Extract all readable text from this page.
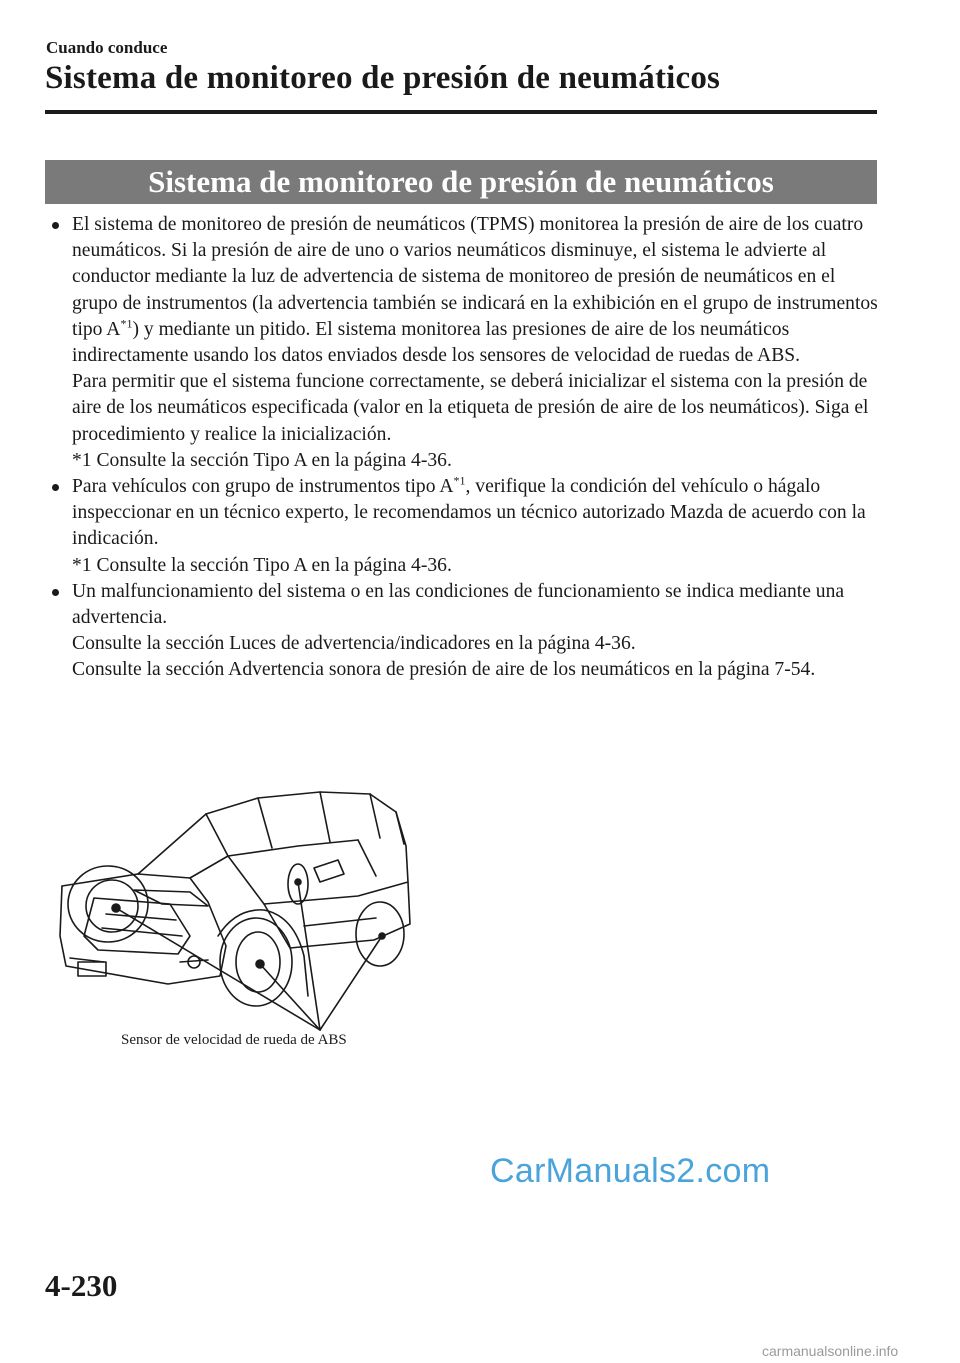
Cuando conduce
Sistema de monitoreo de presión de neumáticos
Sistema de monitoreo de presión de neumáticos

El sistema de monitoreo de presión de neumáticos (TPMS) monitorea la presión de aire de los cuatro neumáticos. Si la presión de aire de uno o varios neumáticos disminuye, el sistema le advierte al conductor mediante la luz de advertencia de sistema de monitoreo de presión de neumáticos en el grupo de instrumentos (la advertencia también se indicará en la exhibición en el grupo de instrumentos tipo $A^{*1}$) y mediante un pitido. El sistema monitorea las presiones de aire de los neumáticos indirectamente usando los datos enviados desde los sensores de velocidad de ruedas de ABS.

Para permitir que el sistema funcione correctamente, se deberá inicializar el sistema con la presión de aire de los neumáticos especificada (valor en la etiqueta de presión de aire de los neumáticos). Siga el procedimiento y realice la inicialización.

*1 Consulte la sección Tipo A en la página 4-36.

Para vehículos con grupo de instrumentos tipo $A^{*1}$, verifique la condición del vehículo o hágalo inspeccionar en un técnico experto, le recomendamos un técnico autorizado Mazda de acuerdo con la indicación.

*1 Consulte la sección Tipo A en la página 4-36.

Un malfuncionamiento del sistema o en las condiciones de funcionamiento se indica mediante una advertencia.

Consulte la sección Luces de advertencia/indicadores en la página 4-36.

Consulte la sección Advertencia sonora de presión de aire de los neumáticos en la página 7-54.

Sensor de velocidad de rueda de ABS
CarManuals2.com
4-230
carmanualsonline.info
